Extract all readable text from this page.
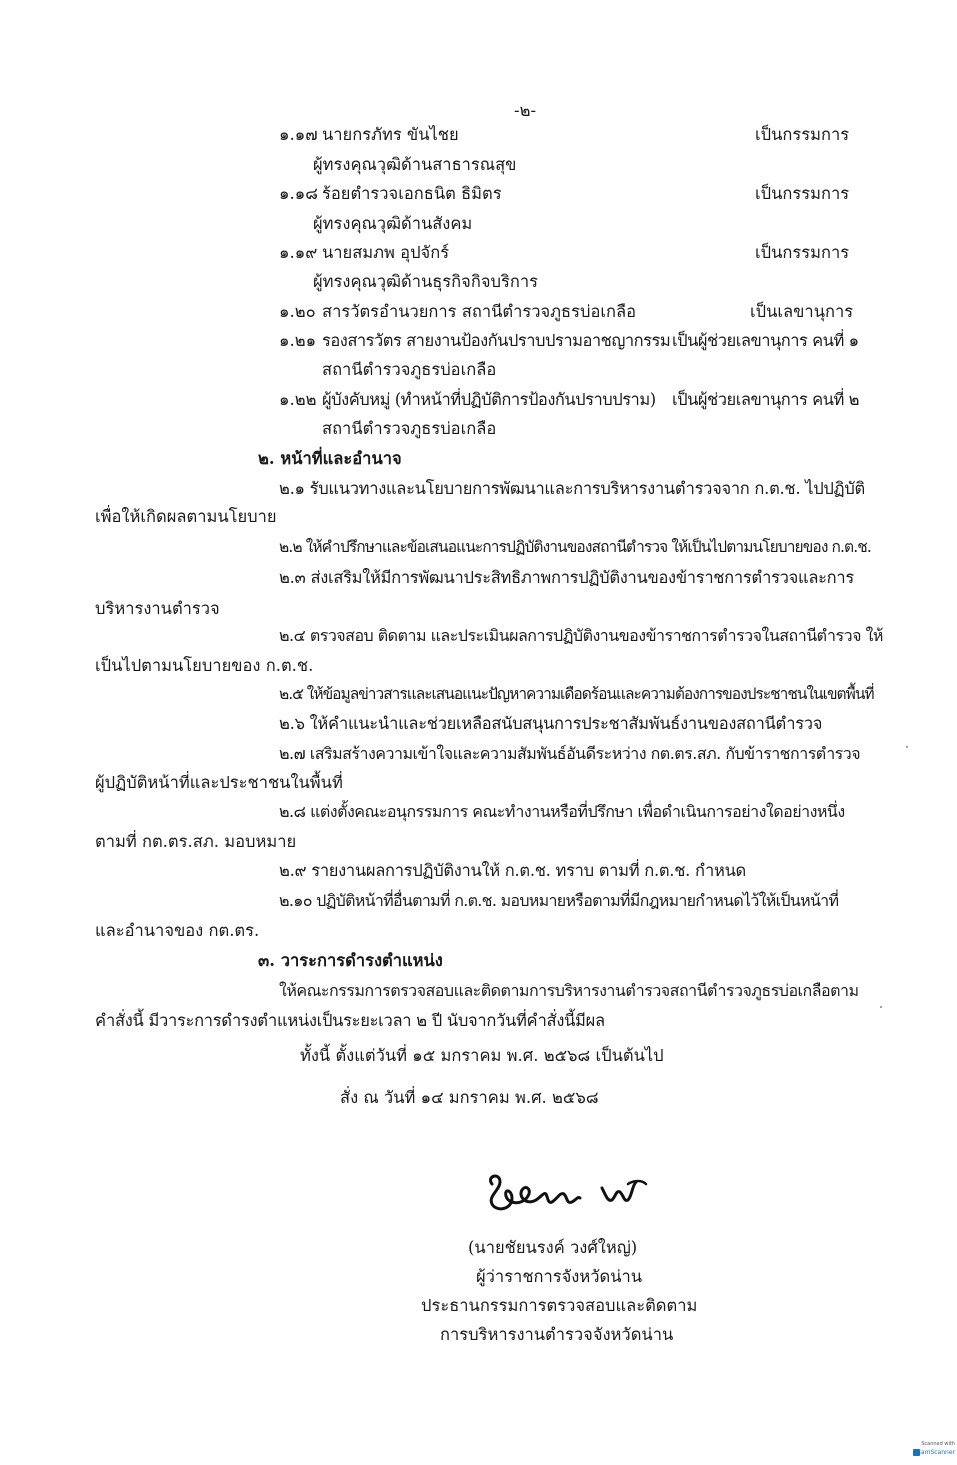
-๒-
๑.๑๗ นายกรภัทร ขันไชย	เป็นกรรมการ
ผู้ทรงคุณวุฒิด้านสาธารณสุข
๑.๑๘ ร้อยตำรวจเอกธนิต ธิมิตร	เป็นกรรมการ
ผู้ทรงคุณวุฒิด้านสังคม
๑.๑๙ นายสมภพ อุปจักร์	เป็นกรรมการ
ผู้ทรงคุณวุฒิด้านธุรกิจกิจบริการ
๑.๒๐ สารวัตรอำนวยการ สถานีตำรวจภูธรบ่อเกลือ	เป็นเลขานุการ
๑.๒๑ รองสารวัตร สายงานป้องกันปราบปรามอาชญากรรม เป็นผู้ช่วยเลขานุการ คนที่ ๑
สถานีตำรวจภูธรบ่อเกลือ
๑.๒๒ ผู้บังคับหมู่ (ทำหน้าที่ปฏิบัติการป้องกันปราบปราม) เป็นผู้ช่วยเลขานุการ คนที่ ๒
สถานีตำรวจภูธรบ่อเกลือ
๒. หน้าที่และอำนาจ
๒.๑ รับแนวทางและนโยบายการพัฒนาและการบริหารงานตำรวจจาก ก.ต.ช. ไปปฏิบัติ
เพื่อให้เกิดผลตามนโยบาย
๒.๒ ให้คำปรึกษาและข้อเสนอแนะการปฏิบัติงานของสถานีตำรวจ ให้เป็นไปตามนโยบายของ ก.ต.ช.
๒.๓ ส่งเสริมให้มีการพัฒนาประสิทธิภาพการปฏิบัติงานของข้าราชการตำรวจและการ
บริหารงานตำรวจ
๒.๔ ตรวจสอบ ติดตาม และประเมินผลการปฏิบัติงานของข้าราชการตำรวจในสถานีตำรวจ ให้
เป็นไปตามนโยบายของ ก.ต.ช.
๒.๕ ให้ข้อมูลข่าวสารและเสนอแนะปัญหาความเดือดร้อนและความต้องการของประชาชนในเขตพื้นที่
๒.๖ ให้คำแนะนำและช่วยเหลือสนับสนุนการประชาสัมพันธ์งานของสถานีตำรวจ
๒.๗ เสริมสร้างความเข้าใจและความสัมพันธ์อันดีระหว่าง กต.ตร.สภ. กับข้าราชการตำรวจ
ผู้ปฏิบัติหน้าที่และประชาชนในพื้นที่
๒.๘ แต่งตั้งคณะอนุกรรมการ คณะทำงานหรือที่ปรึกษา เพื่อดำเนินการอย่างใดอย่างหนึ่ง
ตามที่ กต.ตร.สภ. มอบหมาย
๒.๙ รายงานผลการปฏิบัติงานให้ ก.ต.ช. ทราบ ตามที่ ก.ต.ช. กำหนด
๒.๑๐ ปฏิบัติหน้าที่อื่นตามที่ ก.ต.ช. มอบหมายหรือตามที่มีกฎหมายกำหนดไว้ให้เป็นหน้าที่
และอำนาจของ กต.ตร.
๓. วาระการดำรงตำแหน่ง
ให้คณะกรรมการตรวจสอบและติดตามการบริหารงานตำรวจสถานีตำรวจภูธรบ่อเกลือตาม
คำสั่งนี้ มีวาระการดำรงตำแหน่งเป็นระยะเวลา ๒ ปี นับจากวันที่คำสั่งนี้มีผล
ทั้งนี้ ตั้งแต่วันที่ ๑๕ มกราคม พ.ศ. ๒๕๖๘ เป็นต้นไป
สั่ง ณ วันที่ ๑๔ มกราคม พ.ศ. ๒๕๖๘
(นายชัยนรงค์ วงศ์ใหญ่)
ผู้ว่าราชการจังหวัดน่าน
ประธานกรรมการตรวจสอบและติดตาม
การบริหารงานตำรวจจังหวัดน่าน
Scanned with
CamScanner
